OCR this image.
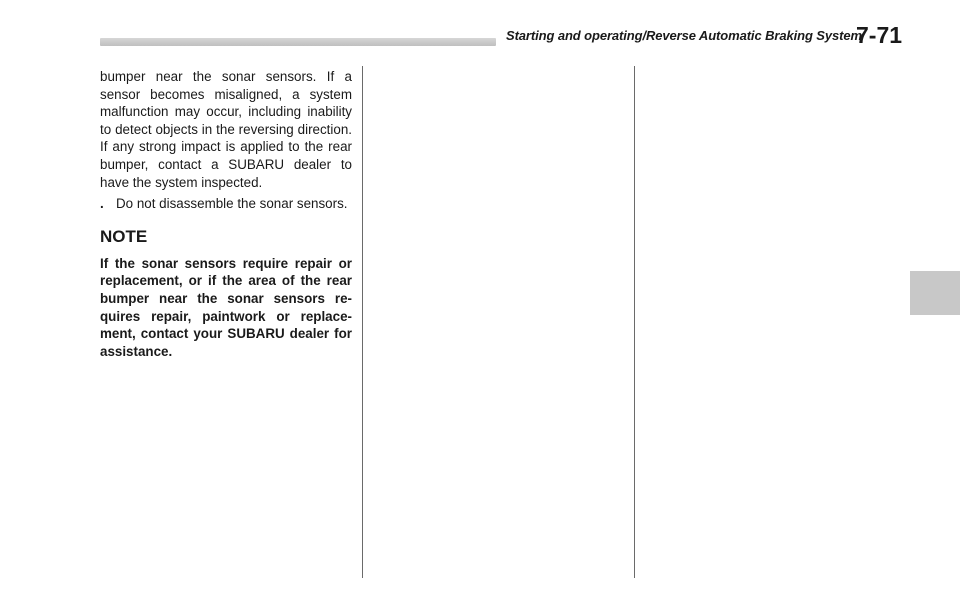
Starting and operating/Reverse Automatic Braking System
7-71

bumper near the sonar sensors. If a sensor becomes misaligned, a system malfunction may occur, including inability to detect objects in the reversing direction. If any strong impact is applied to the rear bumper, contact a SUBARU dealer to have the system inspected.

. Do not disassemble the sonar sensors.
NOTE

If the sonar sensors require repair or replacement, or if the area of the rear bumper near the sonar sensors re-quires repair, paintwork or replace-ment, contact your SUBARU dealer for assistance.
